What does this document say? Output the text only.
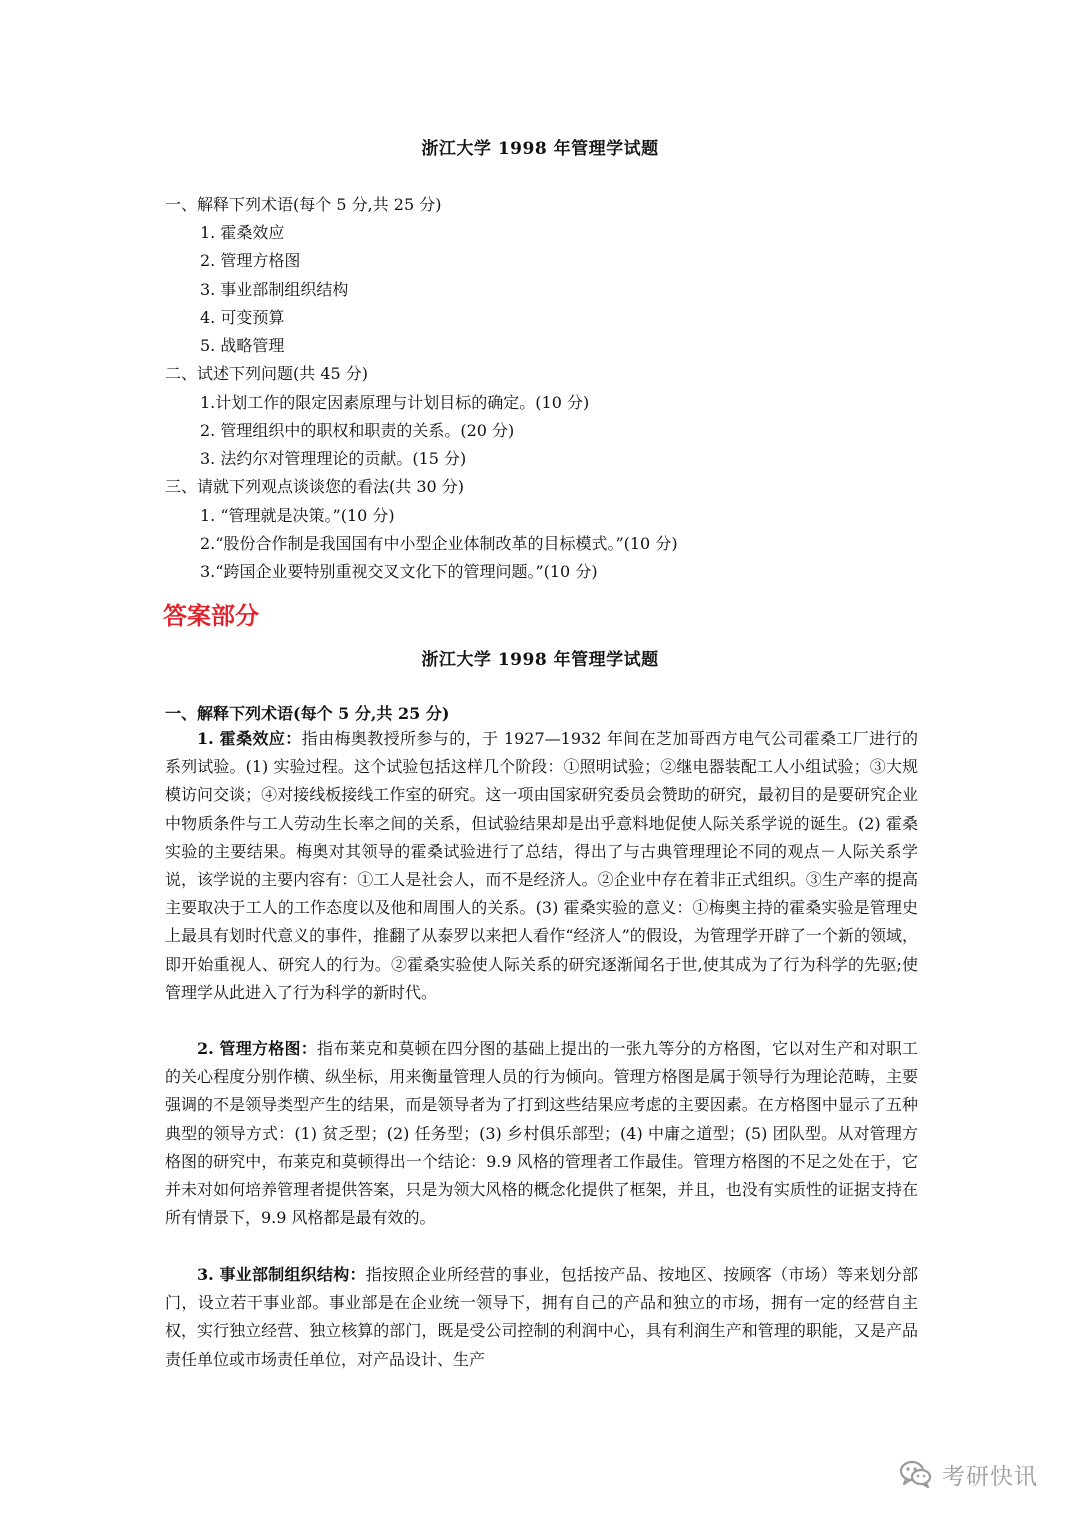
浙江大学 1998 年管理学试题
一、解释下列术语(每个 5 分,共 25 分)
1. 霍桑效应
2. 管理方格图
3. 事业部制组织结构
4. 可变预算
5. 战略管理
二、试述下列问题(共 45 分)
1.计划工作的限定因素原理与计划目标的确定。(10 分)
2. 管理组织中的职权和职责的关系。(20 分)
3. 法约尔对管理理论的贡献。(15 分)
三、请就下列观点谈谈您的看法(共 30 分)
1. “管理就是决策。”(10 分)
2.“股份合作制是我国国有中小型企业体制改革的目标模式。”(10 分)
3.“跨国企业要特别重视交叉文化下的管理问题。”(10 分)
答案部分
浙江大学 1998 年管理学试题
一、解释下列术语(每个 5 分,共 25 分)
1. 霍桑效应：指由梅奥教授所参与的，于 1927—1932 年间在芝加哥西方电气公司霍桑工厂进行的系列试验。(1) 实验过程。这个试验包括这样几个阶段：①照明试验；②继电器装配工人小组试验；③大规模访问交谈；④对接线板接线工作室的研究。这一项由国家研究委员会赞助的研究，最初目的是要研究企业中物质条件与工人劳动生长率之间的关系，但试验结果却是出乎意料地促使人际关系学说的诞生。(2) 霍桑实验的主要结果。梅奥对其领导的霍桑试验进行了总结，得出了与古典管理理论不同的观点－人际关系学说，该学说的主要内容有：①工人是社会人，而不是经济人。②企业中存在着非正式组织。③生产率的提高主要取决于工人的工作态度以及他和周围人的关系。(3) 霍桑实验的意义：①梅奥主持的霍桑实验是管理史上最具有划时代意义的事件，推翻了从泰罗以来把人看作“经济人”的假设，为管理学开辟了一个新的领域，即开始重视人、研究人的行为。②霍桑实验使人际关系的研究逐渐闻名于世,使其成为了行为科学的先驱;使管理学从此进入了行为科学的新时代。
2. 管理方格图：指布莱克和莫顿在四分图的基础上提出的一张九等分的方格图，它以对生产和对职工的关心程度分别作横、纵坐标，用来衡量管理人员的行为倾向。管理方格图是属于领导行为理论范畴，主要强调的不是领导类型产生的结果，而是领导者为了打到这些结果应考虑的主要因素。在方格图中显示了五种典型的领导方式：(1) 贫乏型；(2) 任务型；(3) 乡村俱乐部型；(4) 中庸之道型；(5) 团队型。从对管理方格图的研究中，布莱克和莫顿得出一个结论：9.9 风格的管理者工作最佳。管理方格图的不足之处在于，它并未对如何培养管理者提供答案，只是为领大风格的概念化提供了框架，并且，也没有实质性的证据支持在所有情景下，9.9 风格都是最有效的。
3. 事业部制组织结构：指按照企业所经营的事业，包括按产品、按地区、按顾客（市场）等来划分部门，设立若干事业部。事业部是在企业统一领导下，拥有自己的产品和独立的市场，拥有一定的经营自主权，实行独立经营、独立核算的部门，既是受公司控制的利润中心，具有利润生产和管理的职能，又是产品责任单位或市场责任单位，对产品设计、生产
考研快讯
